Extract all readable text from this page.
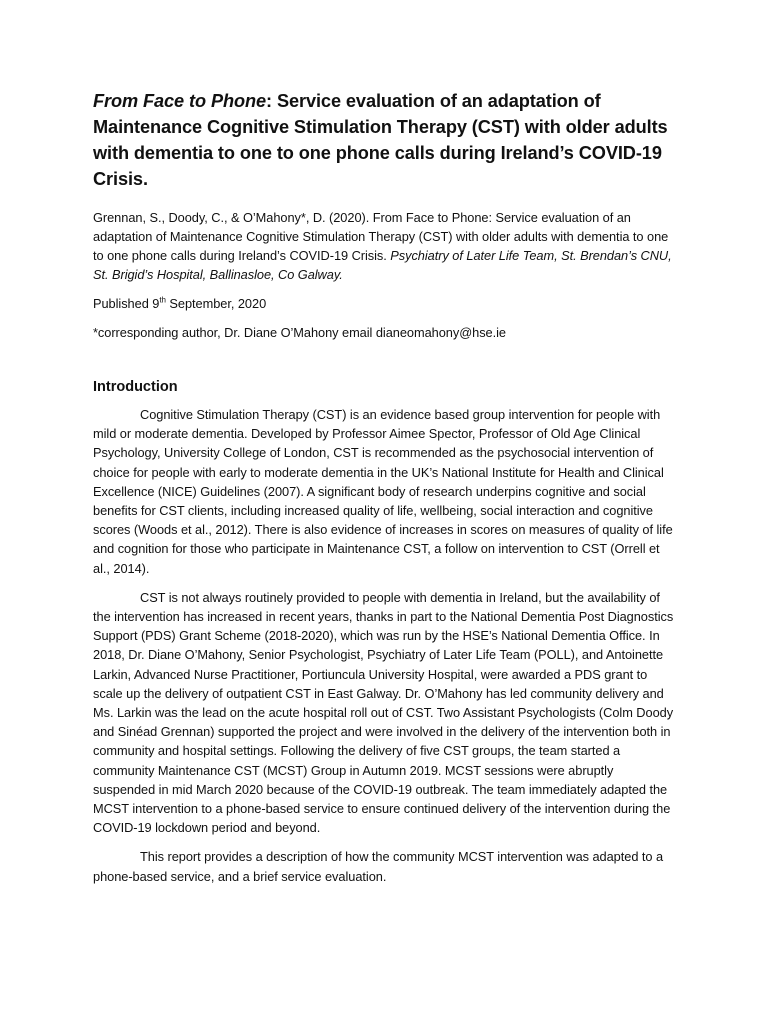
From Face to Phone: Service evaluation of an adaptation of Maintenance Cognitive Stimulation Therapy (CST) with older adults with dementia to one to one phone calls during Ireland’s COVID-19 Crisis.

Grennan, S., Doody, C., & O’Mahony*, D. (2020). From Face to Phone: Service evaluation of an adaptation of Maintenance Cognitive Stimulation Therapy (CST) with older adults with dementia to one to one phone calls during Ireland’s COVID-19 Crisis. Psychiatry of Later Life Team, St. Brendan’s CNU, St. Brigid’s Hospital, Ballinasloe, Co Galway.

Published 9th September, 2020

*corresponding author, Dr. Diane O’Mahony email dianeomahony@hse.ie

Introduction

Cognitive Stimulation Therapy (CST) is an evidence based group intervention for people with mild or moderate dementia. Developed by Professor Aimee Spector, Professor of Old Age Clinical Psychology, University College of London, CST is recommended as the psychosocial intervention of choice for people with early to moderate dementia in the UK’s National Institute for Health and Clinical Excellence (NICE) Guidelines (2007). A significant body of research underpins cognitive and social benefits for CST clients, including increased quality of life, wellbeing, social interaction and cognitive scores (Woods et al., 2012). There is also evidence of increases in scores on measures of quality of life and cognition for those who participate in Maintenance CST, a follow on intervention to CST (Orrell et al., 2014).

CST is not always routinely provided to people with dementia in Ireland, but the availability of the intervention has increased in recent years, thanks in part to the National Dementia Post Diagnostics Support (PDS) Grant Scheme (2018-2020), which was run by the HSE’s National Dementia Office. In 2018, Dr. Diane O’Mahony, Senior Psychologist, Psychiatry of Later Life Team (POLL), and Antoinette Larkin, Advanced Nurse Practitioner, Portiuncula University Hospital, were awarded a PDS grant to scale up the delivery of outpatient CST in East Galway. Dr. O’Mahony has led community delivery and Ms. Larkin was the lead on the acute hospital roll out of CST. Two Assistant Psychologists (Colm Doody and Sinéad Grennan) supported the project and were involved in the delivery of the intervention both in community and hospital settings. Following the delivery of five CST groups, the team started a community Maintenance CST (MCST) Group in Autumn 2019. MCST sessions were abruptly suspended in mid March 2020 because of the COVID-19 outbreak. The team immediately adapted the MCST intervention to a phone-based service to ensure continued delivery of the intervention during the COVID-19 lockdown period and beyond.

This report provides a description of how the community MCST intervention was adapted to a phone-based service, and a brief service evaluation.
